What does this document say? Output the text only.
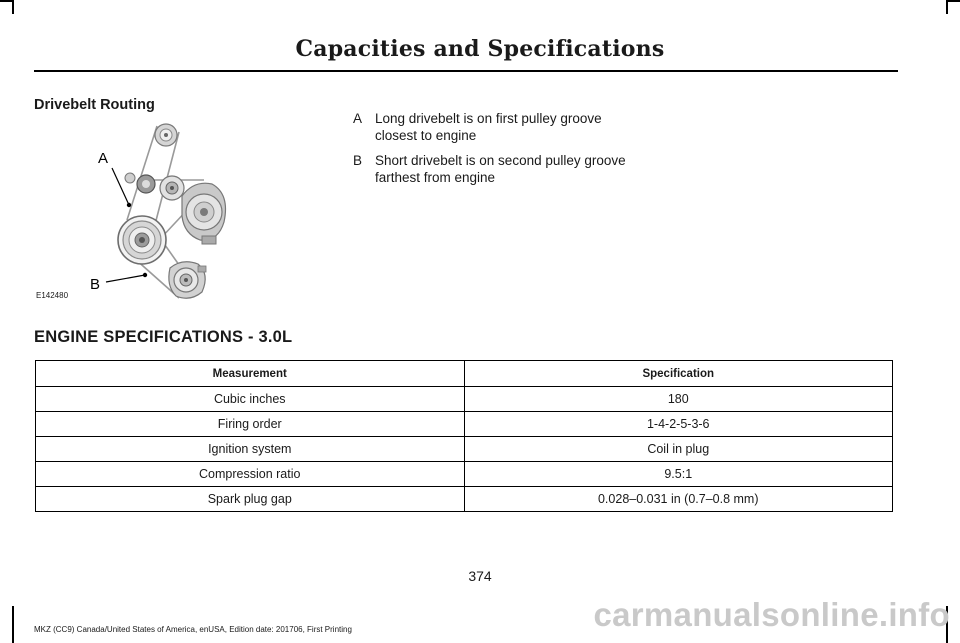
Capacities and Specifications
Drivebelt Routing
A
B
E142480
A Long drivebelt is on first pulley groove closest to engine
B Short drivebelt is on second pulley groove farthest from engine
ENGINE SPECIFICATIONS - 3.0L
Measurement	Specification
Cubic inches	180
Firing order	1-4-2-5-3-6
Ignition system	Coil in plug
Compression ratio	9.5:1
Spark plug gap	0.028–0.031 in (0.7–0.8 mm)
374
MKZ (CC9) Canada/United States of America, enUSA, Edition date: 201706, First Printing	carmanualsonline.info
